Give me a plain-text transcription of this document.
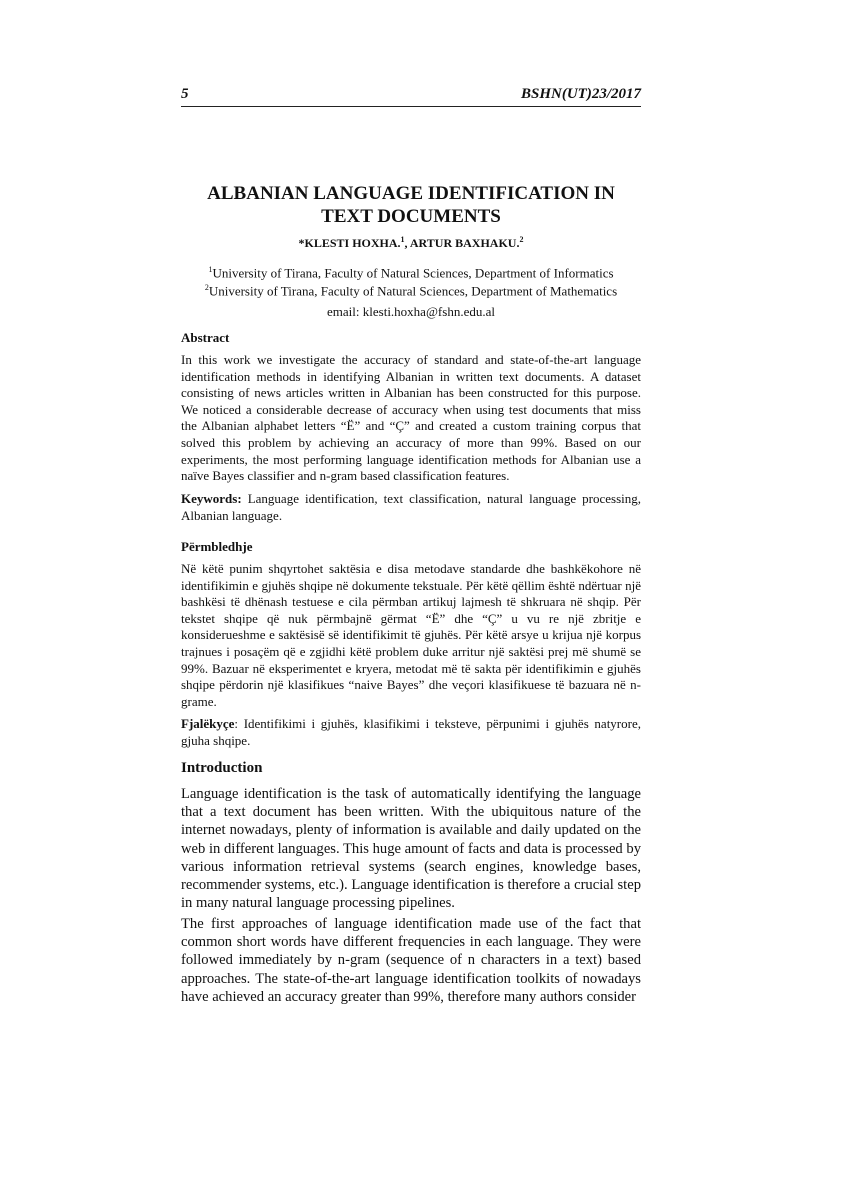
5	BSHN(UT)23/2017
ALBANIAN LANGUAGE IDENTIFICATION IN TEXT DOCUMENTS
*KLESTI HOXHA.$^1$, ARTUR BAXHAKU.$^2$
$^1$University of Tirana, Faculty of Natural Sciences, Department of Informatics
$^2$University of Tirana, Faculty of Natural Sciences, Department of Mathematics
email: klesti.hoxha@fshn.edu.al
Abstract
In this work we investigate the accuracy of standard and state-of-the-art language identification methods in identifying Albanian in written text documents. A dataset consisting of news articles written in Albanian has been constructed for this purpose. We noticed a considerable decrease of accuracy when using test documents that miss the Albanian alphabet letters “Ë” and “Ç” and created a custom training corpus that solved this problem by achieving an accuracy of more than 99%. Based on our experiments, the most performing language identification methods for Albanian use a naïve Bayes classifier and n-gram based classification features.
Keywords: Language identification, text classification, natural language processing, Albanian language.
Përmbledhje
Në këtë punim shqyrtohet saktësia e disa metodave standarde dhe bashkëkohore në identifikimin e gjuhës shqipe në dokumente tekstuale. Për këtë qëllim është ndërtuar një bashkësi të dhënash testuese e cila përmban artikuj lajmesh të shkruara në shqip. Për tekstet shqipe që nuk përmbajnë gërmat “Ë” dhe “Ç” u vu re një zbritje e konsiderueshme e saktësisë së identifikimit të gjuhës. Për këtë arsye u krijua një korpus trajnues i posaçëm që e zgjidhi këtë problem duke arritur një saktësi prej më shumë se 99%. Bazuar në eksperimentet e kryera, metodat më të sakta për identifikimin e gjuhës shqipe përdorin një klasifikues “naive Bayes” dhe veçori klasifikuese të bazuara në n-grame.
Fjalëkyçe: Identifikimi i gjuhës, klasifikimi i teksteve, përpunimi i gjuhës natyrore, gjuha shqipe.
Introduction
Language identification is the task of automatically identifying the language that a text document has been written. With the ubiquitous nature of the internet nowadays, plenty of information is available and daily updated on the web in different languages. This huge amount of facts and data is processed by various information retrieval systems (search engines, knowledge bases, recommender systems, etc.). Language identification is therefore a crucial step in many natural language processing pipelines.
The first approaches of language identification made use of the fact that common short words have different frequencies in each language. They were followed immediately by n-gram (sequence of n characters in a text) based approaches. The state-of-the-art language identification toolkits of nowadays have achieved an accuracy greater than 99%, therefore many authors consider
